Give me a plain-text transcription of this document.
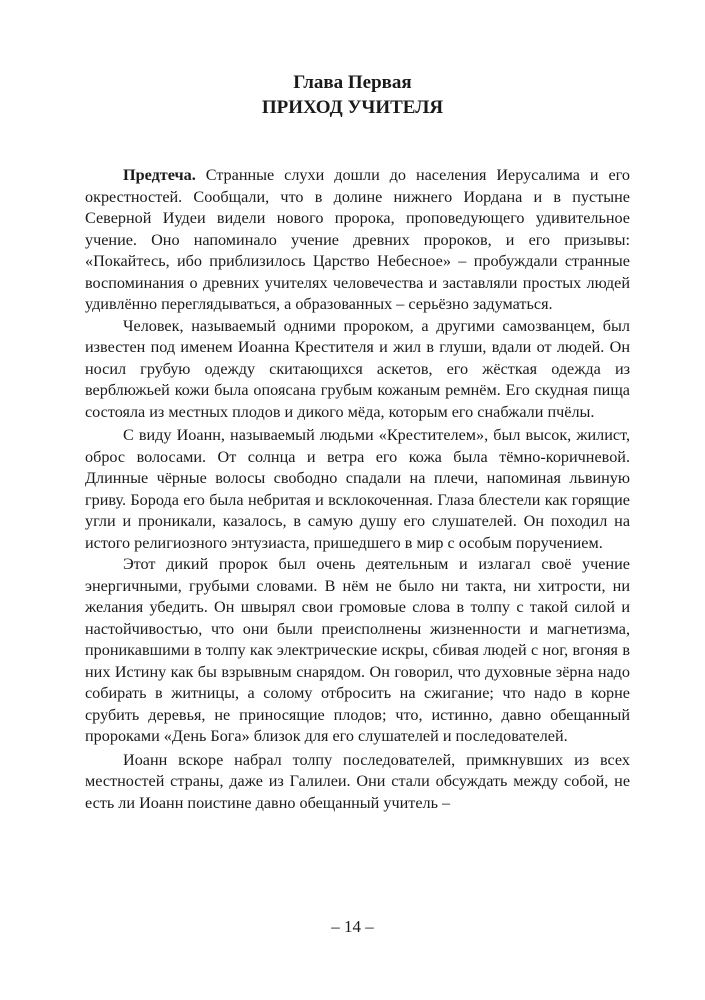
Глава Первая
ПРИХОД УЧИТЕЛЯ

Предтеча. Странные слухи дошли до населения Иерусалима и его окрестностей. Сообщали, что в долине нижнего Иордана и в пустыне Северной Иудеи видели нового пророка, проповедующего удивительное учение. Оно напоминало учение древних пророков, и его призывы: «Покайтесь, ибо приблизилось Царство Небесное» – пробуждали странные воспоминания о древних учителях человечества и заставляли простых людей удивлённо переглядываться, а образованных – серьёзно задуматься.

Человек, называемый одними пророком, а другими самозванцем, был известен под именем Иоанна Крестителя и жил в глуши, вдали от людей. Он носил грубую одежду скитающихся аскетов, его жёсткая одежда из верблюжьей кожи была опоясана грубым кожаным ремнём. Его скудная пища состояла из местных плодов и дикого мёда, которым его снабжали пчёлы.

С виду Иоанн, называемый людьми «Крестителем», был высок, жилист, оброс волосами. От солнца и ветра его кожа была тёмно-коричневой. Длинные чёрные волосы свободно спадали на плечи, напоминая львиную гриву. Борода его была небритая и всклокоченная. Глаза блестели как горящие угли и проникали, казалось, в самую душу его слушателей. Он походил на истого религиозного энтузиаста, пришедшего в мир с особым поручением.

Этот дикий пророк был очень деятельным и излагал своё учение энергичными, грубыми словами. В нём не было ни такта, ни хитрости, ни желания убедить. Он швырял свои громовые слова в толпу с такой силой и настойчивостью, что они были преисполнены жизненности и магнетизма, проникавшими в толпу как электрические искры, сбивая людей с ног, вгоняя в них Истину как бы взрывным снарядом. Он говорил, что духовные зёрна надо собирать в житницы, а солому отбросить на сжигание; что надо в корне срубить деревья, не приносящие плодов; что, истинно, давно обещанный пророками «День Бога» близок для его слушателей и последователей.

Иоанн вскоре набрал толпу последователей, примкнувших из всех местностей страны, даже из Галилеи. Они стали обсуждать между собой, не есть ли Иоанн поистине давно обещанный учитель –

– 14 –
